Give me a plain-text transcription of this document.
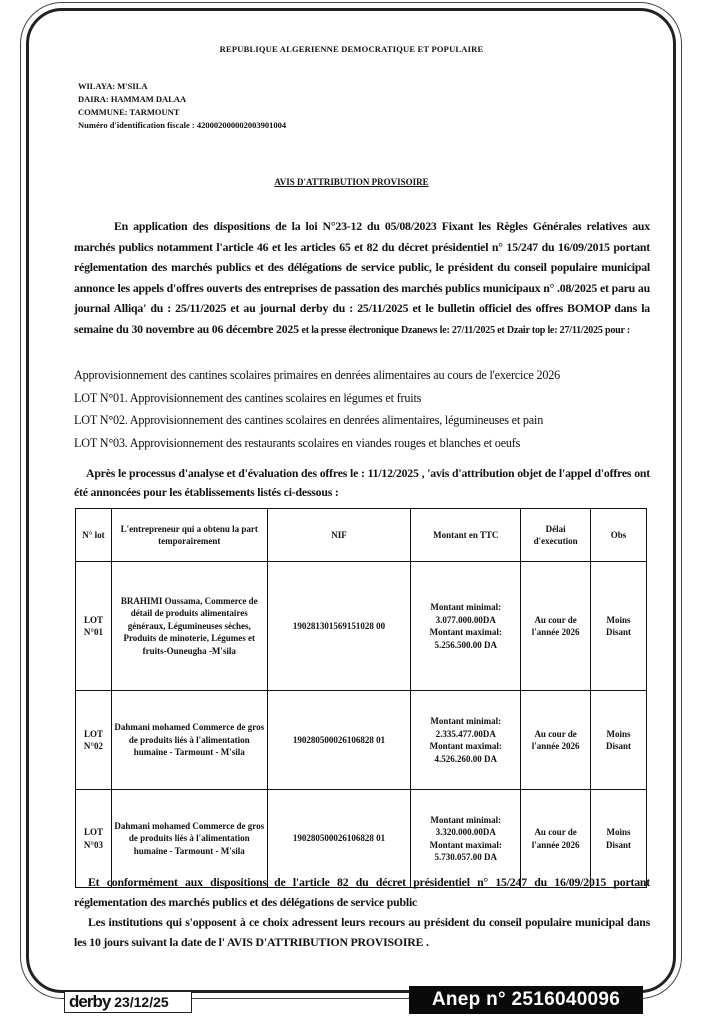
REPUBLIQUE ALGERIENNE DEMOCRATIQUE ET POPULAIRE
WILAYA: M'SILA
DAIRA: HAMMAM DALAA
COMMUNE: TARMOUNT
Numéro d'identification fiscale : 420002000002003901004
AVIS D'ATTRIBUTION PROVISOIRE
En application des dispositions de la loi N°23-12 du 05/08/2023 Fixant les Règles Générales relatives aux marchés publics notamment l'article 46 et les articles 65 et 82 du décret présidentiel n° 15/247 du 16/09/2015 portant réglementation des marchés publics et des délégations de service public, le président du conseil populaire municipal annonce les appels d'offres ouverts des entreprises de passation des marchés publics municipaux n° .08/2025 et paru au journal Alliqa' du : 25/11/2025 et au journal derby du : 25/11/2025 et le bulletin officiel des offres BOMOP dans la semaine du 30 novembre au 06 décembre 2025 et la presse électronique Dzanews le: 27/11/2025 et Dzair top le: 27/11/2025 pour :
Approvisionnement des cantines scolaires primaires en denrées alimentaires au cours de l'exercice 2026
LOT N°01. Approvisionnement des cantines scolaires en légumes et fruits
LOT N°02. Approvisionnement des cantines scolaires en denrées alimentaires, légumineuses et pain
LOT N°03. Approvisionnement des restaurants scolaires en viandes rouges et blanches et oeufs
Après le processus d'analyse et d'évaluation des offres le : 11/12/2025 , 'avis d'attribution objet de l'appel d'offres ont été annoncées pour les établissements listés ci-dessous :
N° lot	L'entrepreneur qui a obtenu la part temporairement	NIF	Montant en TTC	Délai d'execution	Obs
LOT N°01	BRAHIMI Oussama, Commerce de détail de produits alimentaires généraux, Légumineuses sèches, Produits de minoterie, Légumes et fruits-Ouneugha -M'sila	190281301569151028 00	Montant minimal: 3.077.000.00DA
Montant maximal: 5.256.500.00 DA	Au cour de l'année 2026	Moins Disant
LOT N°02	Dahmani mohamed Commerce de gros de produits liés à l'alimentation humaine - Tarmount - M'sila	190280500026106828 01	Montant minimal: 2.335.477.00DA
Montant maximal: 4.526.260.00 DA	Au cour de l'année 2026	Moins Disant
LOT N°03	Dahmani mohamed Commerce de gros de produits liés à l'alimentation humaine - Tarmount - M'sila	190280500026106828 01	Montant minimal: 3.320.000.00DA
Montant maximal: 5.730.057.00 DA	Au cour de l'année 2026	Moins Disant
Et conformément aux dispositions de l'article 82 du décret présidentiel n° 15/247 du 16/09/2015 portant réglementation des marchés publics et des délégations de service public
Les institutions qui s'opposent à ce choix adressent leurs recours au président du conseil populaire municipal dans les 10 jours suivant la date de l' AVIS D'ATTRIBUTION PROVISOIRE .
derby 23/12/25	Anep n° 2516040096
